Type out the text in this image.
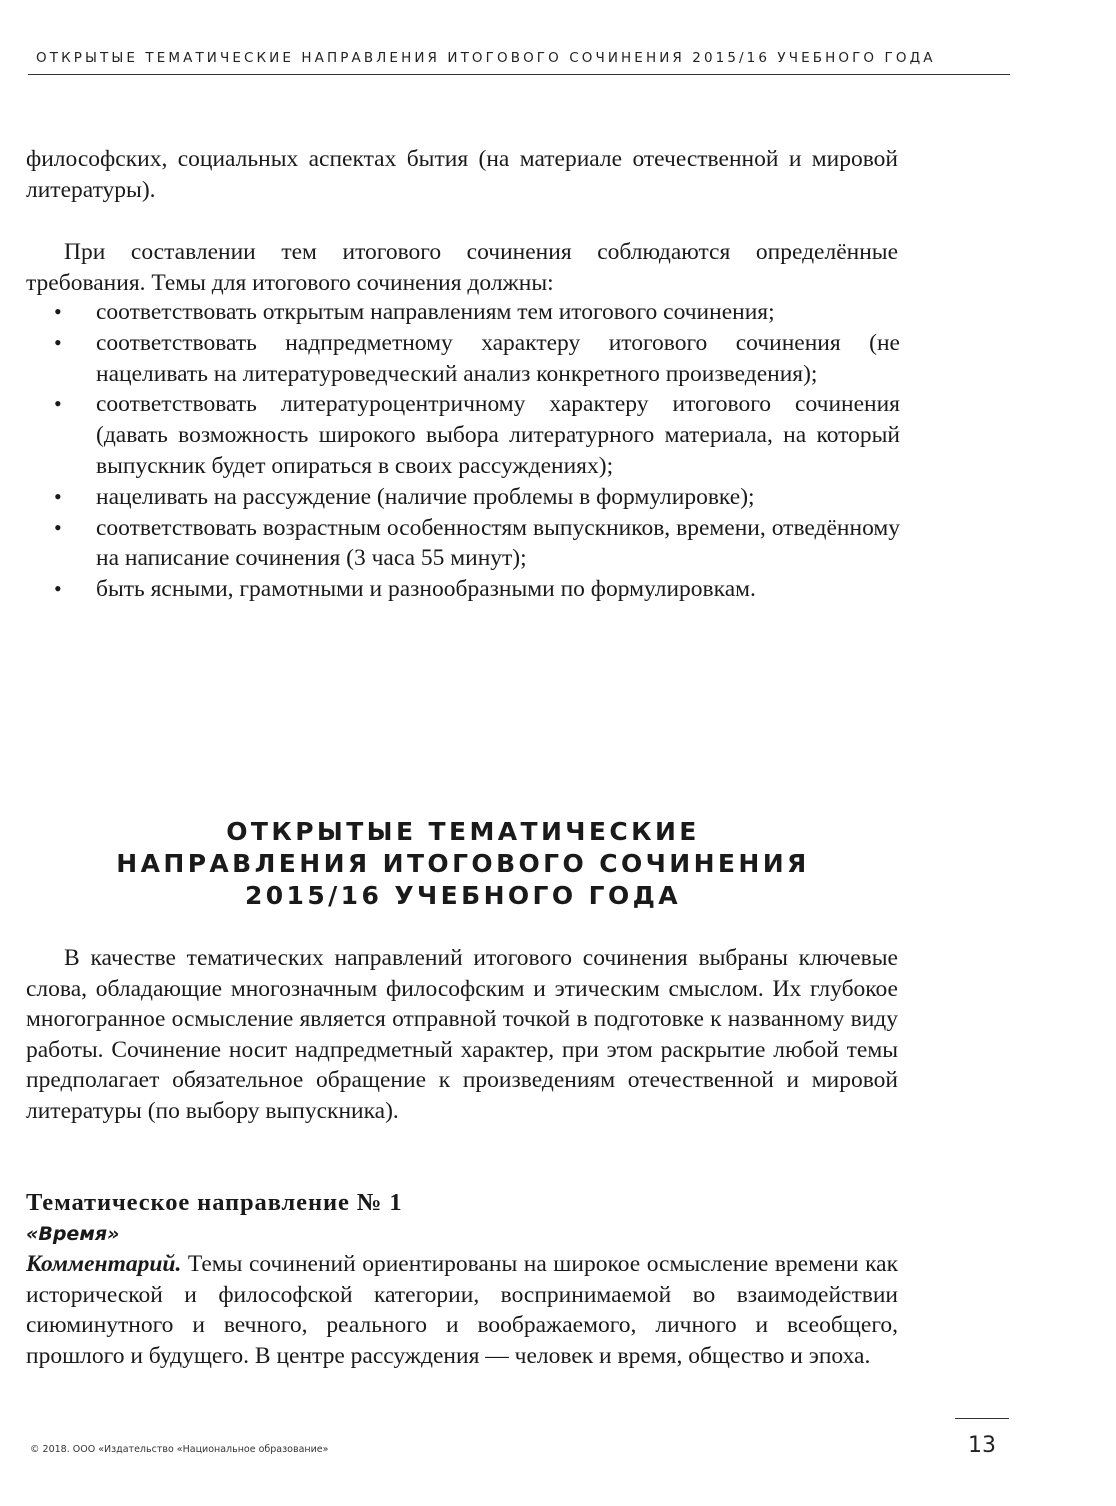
ОТКРЫТЫЕ ТЕМАТИЧЕСКИЕ НАПРАВЛЕНИЯ ИТОГОВОГО СОЧИНЕНИЯ 2015/16 УЧЕБНОГО ГОДА

философских, социальных аспектах бытия (на материале отечественной и мировой литературы).

При составлении тем итогового сочинения соблюдаются определённые требования. Темы для итогового сочинения должны:

• соответствовать открытым направлениям тем итогового сочинения;
• соответствовать надпредметному характеру итогового сочинения (не нацеливать на литературоведческий анализ конкретного произведения);
• соответствовать литературоцентричному характеру итогового сочинения (давать возможность широкого выбора литературного материала, на который выпускник будет опираться в своих рассуждениях);
• нацеливать на рассуждение (наличие проблемы в формулировке);
• соответствовать возрастным особенностям выпускников, времени, отведённому на написание сочинения (3 часа 55 минут);
• быть ясными, грамотными и разнообразными по формулировкам.
ОТКРЫТЫЕ ТЕМАТИЧЕСКИЕ
НАПРАВЛЕНИЯ ИТОГОВОГО СОЧИНЕНИЯ
2015/16 УЧЕБНОГО ГОДА

В качестве тематических направлений итогового сочинения выбраны ключевые слова, обладающие многозначным философским и этическим смыслом. Их глубокое многогранное осмысление является отправной точкой в подготовке к названному виду работы. Сочинение носит надпредметный характер, при этом раскрытие любой темы предполагает обязательное обращение к произведениям отечественной и мировой литературы (по выбору выпускника).

Тематическое направление № 1
«Время»

Комментарий. Темы сочинений ориентированы на широкое осмысление времени как исторической и философской категории, воспринимаемой во взаимодействии сиюминутного и вечного, реального и воображаемого, личного и всеобщего, прошлого и будущего. В центре рассуждения — человек и время, общество и эпоха.

© 2018. ООО «Издательство «Национальное образование»	13
